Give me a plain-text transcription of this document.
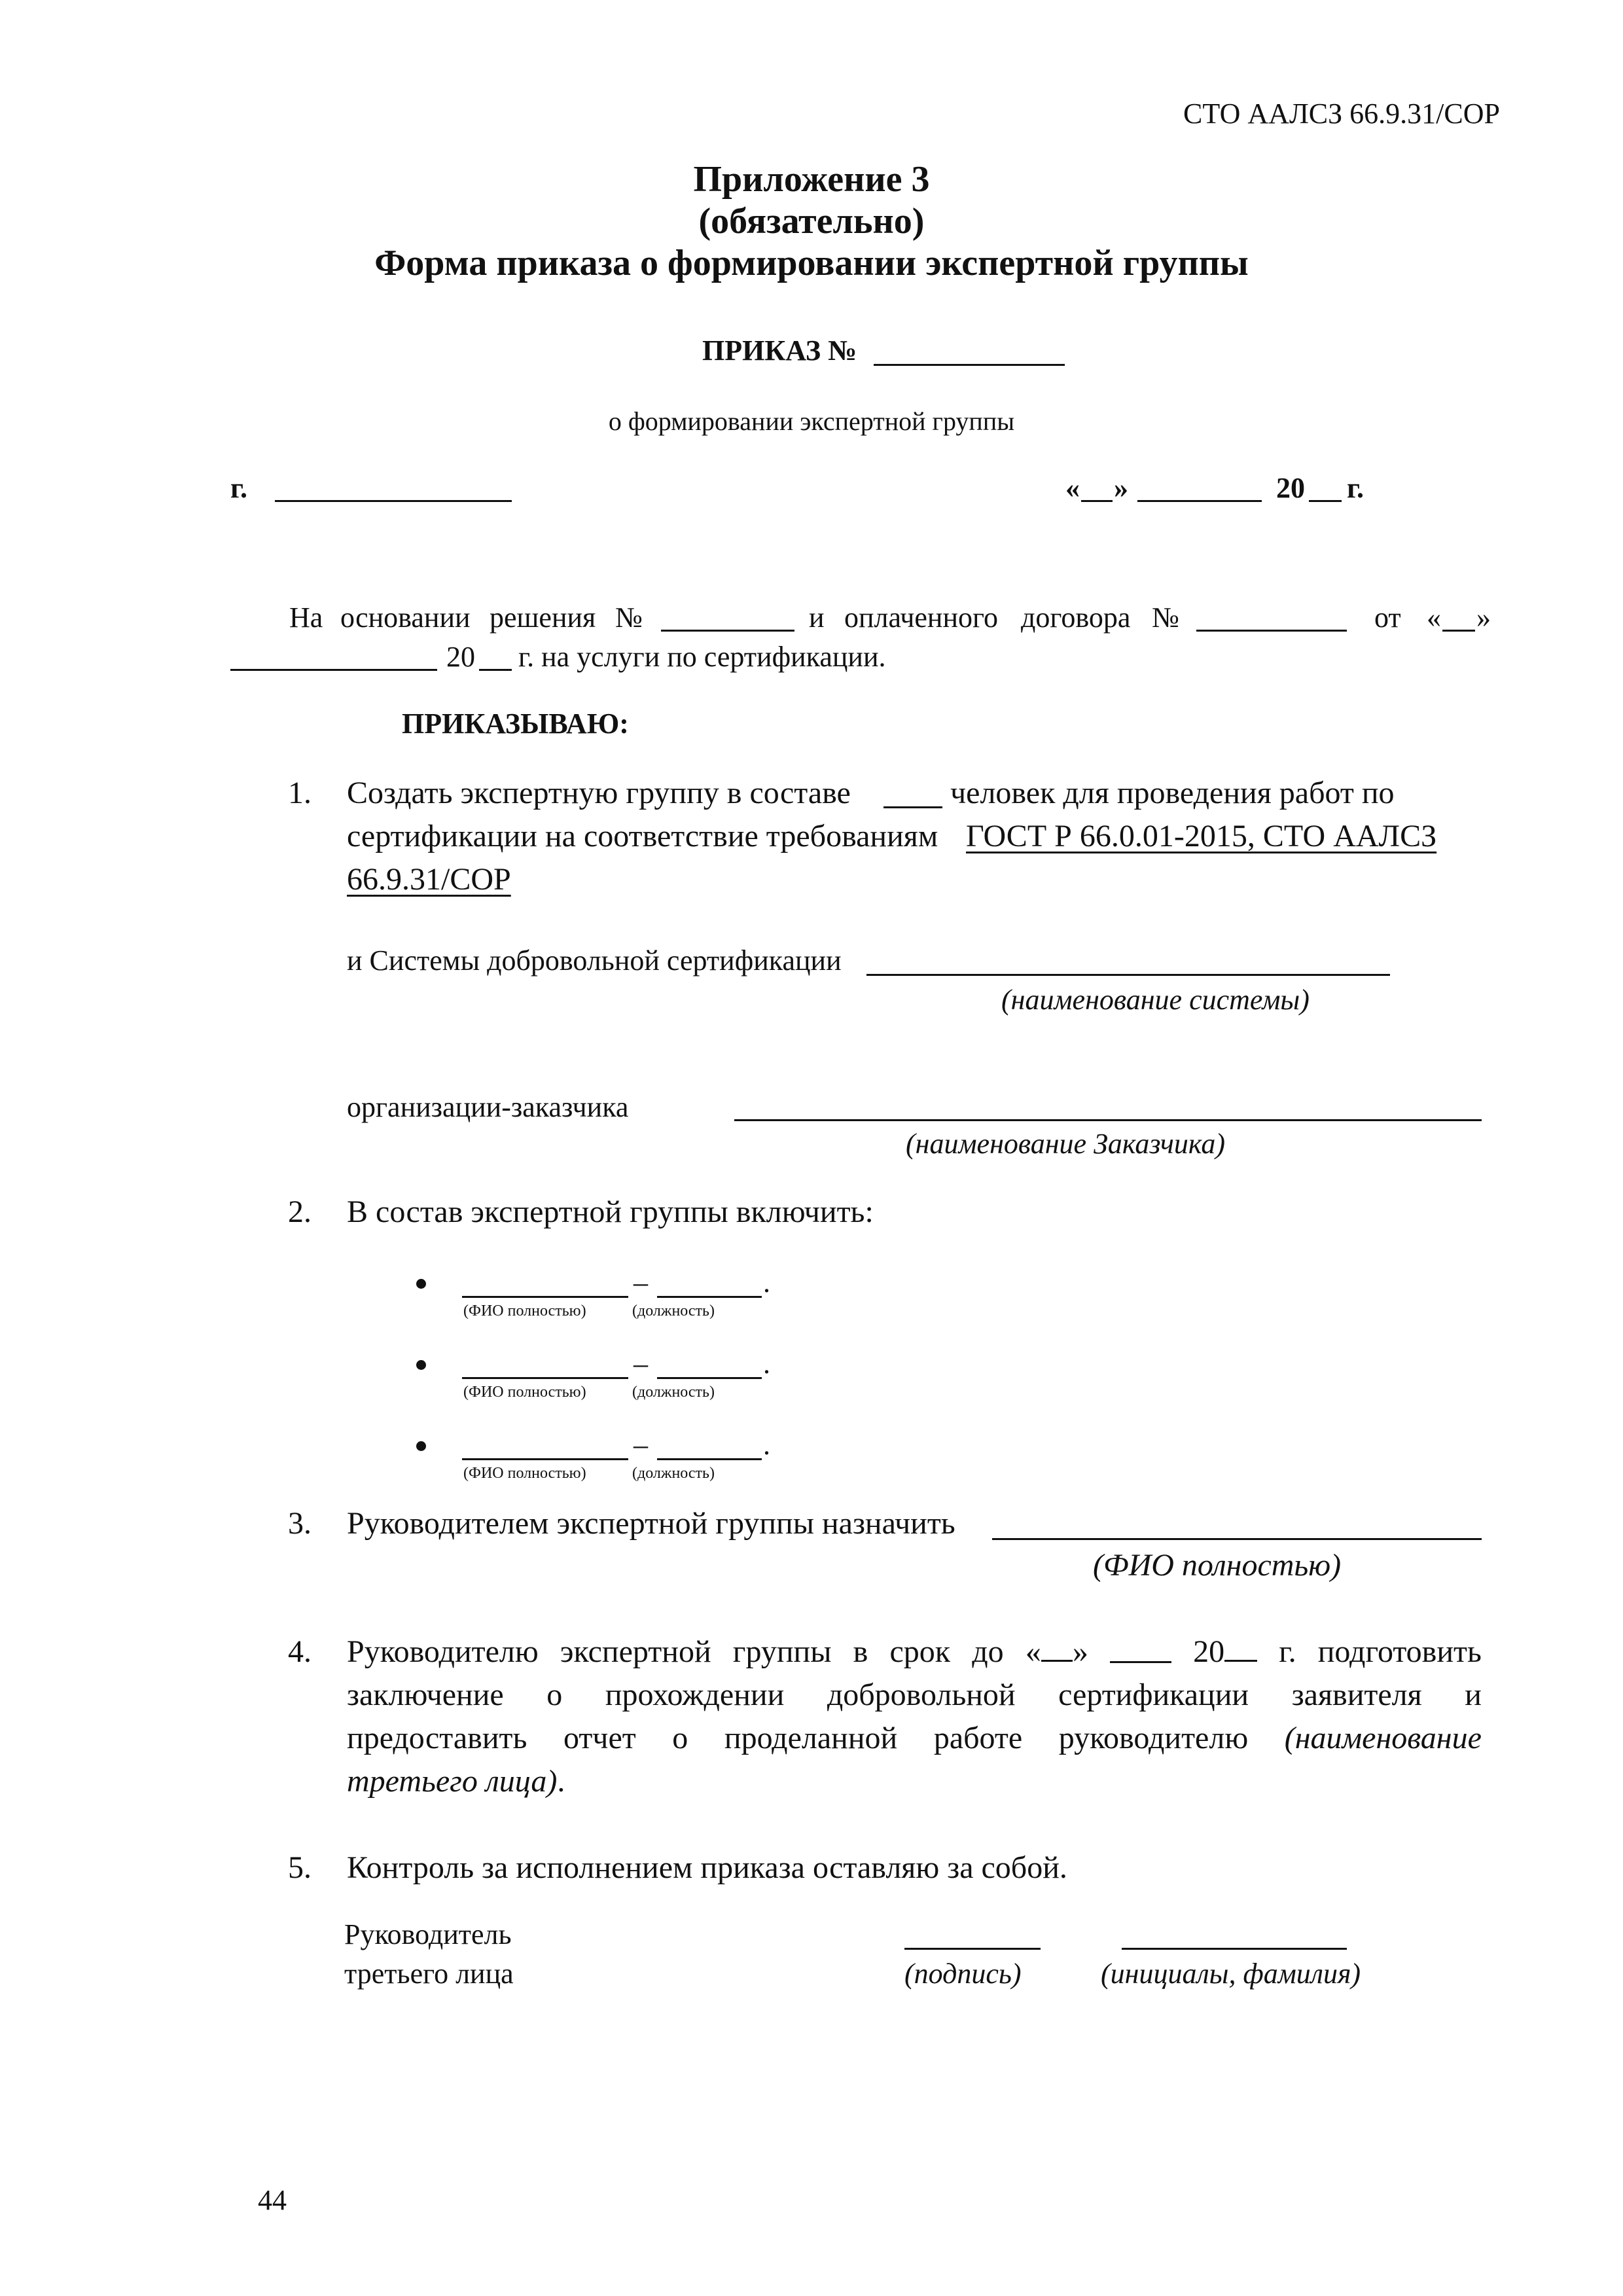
СТО ААЛСЗ 66.9.31/СОР
Приложение 3
(обязательно)
Форма приказа о формировании экспертной группы
ПРИКАЗ №
о формировании экспертной группы
г.	« »	20 г.
На основании решения №	и оплаченного договора №	от « »
20 г. на услуги по сертификации.
ПРИКАЗЫВАЮ:
1. Создать экспертную группу в составе	человек для проведения работ по
сертификации на соответствие требованиям ГОСТ Р 66.0.01-2015, СТО ААЛСЗ
66.9.31/СОР
и Системы добровольной сертификации
(наименование системы)
организации-заказчика
(наименование Заказчика)
2. В состав экспертной группы включить:
–	.
(ФИО полностью)	(должность)
–	.
(ФИО полностью)	(должность)
–	.
(ФИО полностью)	(должность)
3. Руководителем экспертной группы назначить
(ФИО полностью)
4. Руководителю экспертной группы в срок до « »	20	г. подготовить
заключение о прохождении добровольной сертификации заявителя и
предоставить отчет о проделанной работе руководителю (наименование
третьего лица).
5. Контроль за исполнением приказа оставляю за собой.
Руководитель
третьего лица	(подпись)	(инициалы, фамилия)
44
